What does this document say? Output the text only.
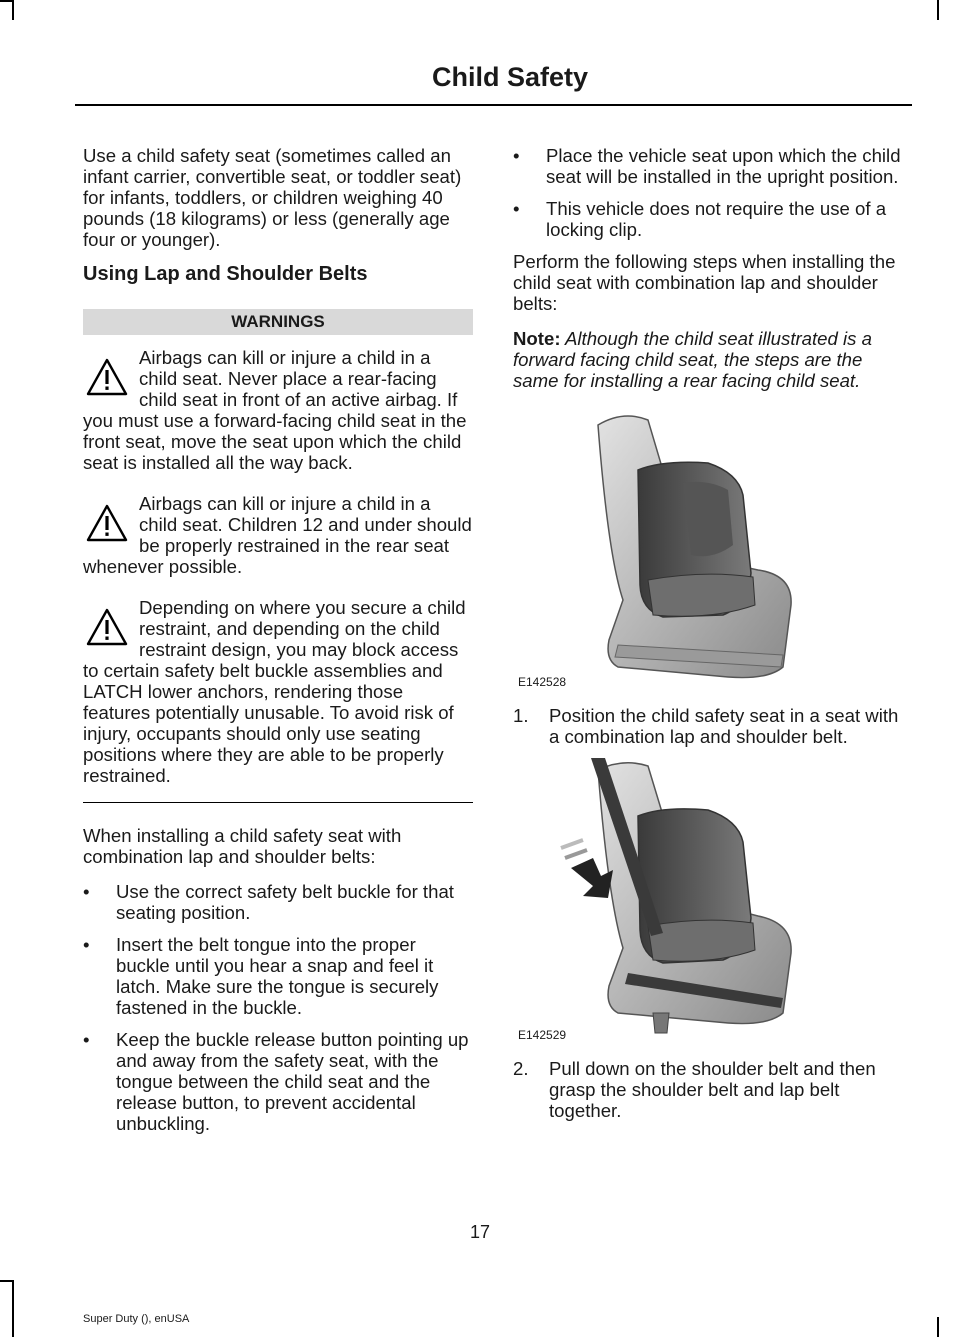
Child Safety

Use a child safety seat (sometimes called an infant carrier, convertible seat, or toddler seat) for infants, toddlers, or children weighing 40 pounds (18 kilograms) or less (generally age four or younger).

Using Lap and Shoulder Belts
WARNINGS
Airbags can kill or injure a child in a child seat. Never place a rear-facing child seat in front of an active airbag. If you must use a forward-facing child seat in the front seat, move the seat upon which the child seat is installed all the way back.
Airbags can kill or injure a child in a child seat. Children 12 and under should be properly restrained in the rear seat whenever possible.
Depending on where you secure a child restraint, and depending on the child restraint design, you may block access to certain safety belt buckle assemblies and LATCH lower anchors, rendering those features potentially unusable. To avoid risk of injury, occupants should only use seating positions where they are able to be properly restrained.

When installing a child safety seat with combination lap and shoulder belts:

• Use the correct safety belt buckle for that seating position.
• Insert the belt tongue into the proper buckle until you hear a snap and feel it latch. Make sure the tongue is securely fastened in the buckle.
• Keep the buckle release button pointing up and away from the safety seat, with the tongue between the child seat and the release button, to prevent accidental unbuckling.
• Place the vehicle seat upon which the child seat will be installed in the upright position.
• This vehicle does not require the use of a locking clip.

Perform the following steps when installing the child seat with combination lap and shoulder belts:

Note: Although the child seat illustrated is a forward facing child seat, the steps are the same for installing a rear facing child seat.

E142528
1. Position the child safety seat in a seat with a combination lap and shoulder belt.
E142529
2. Pull down on the shoulder belt and then grasp the shoulder belt and lap belt together.
17
Super Duty (), enUSA
